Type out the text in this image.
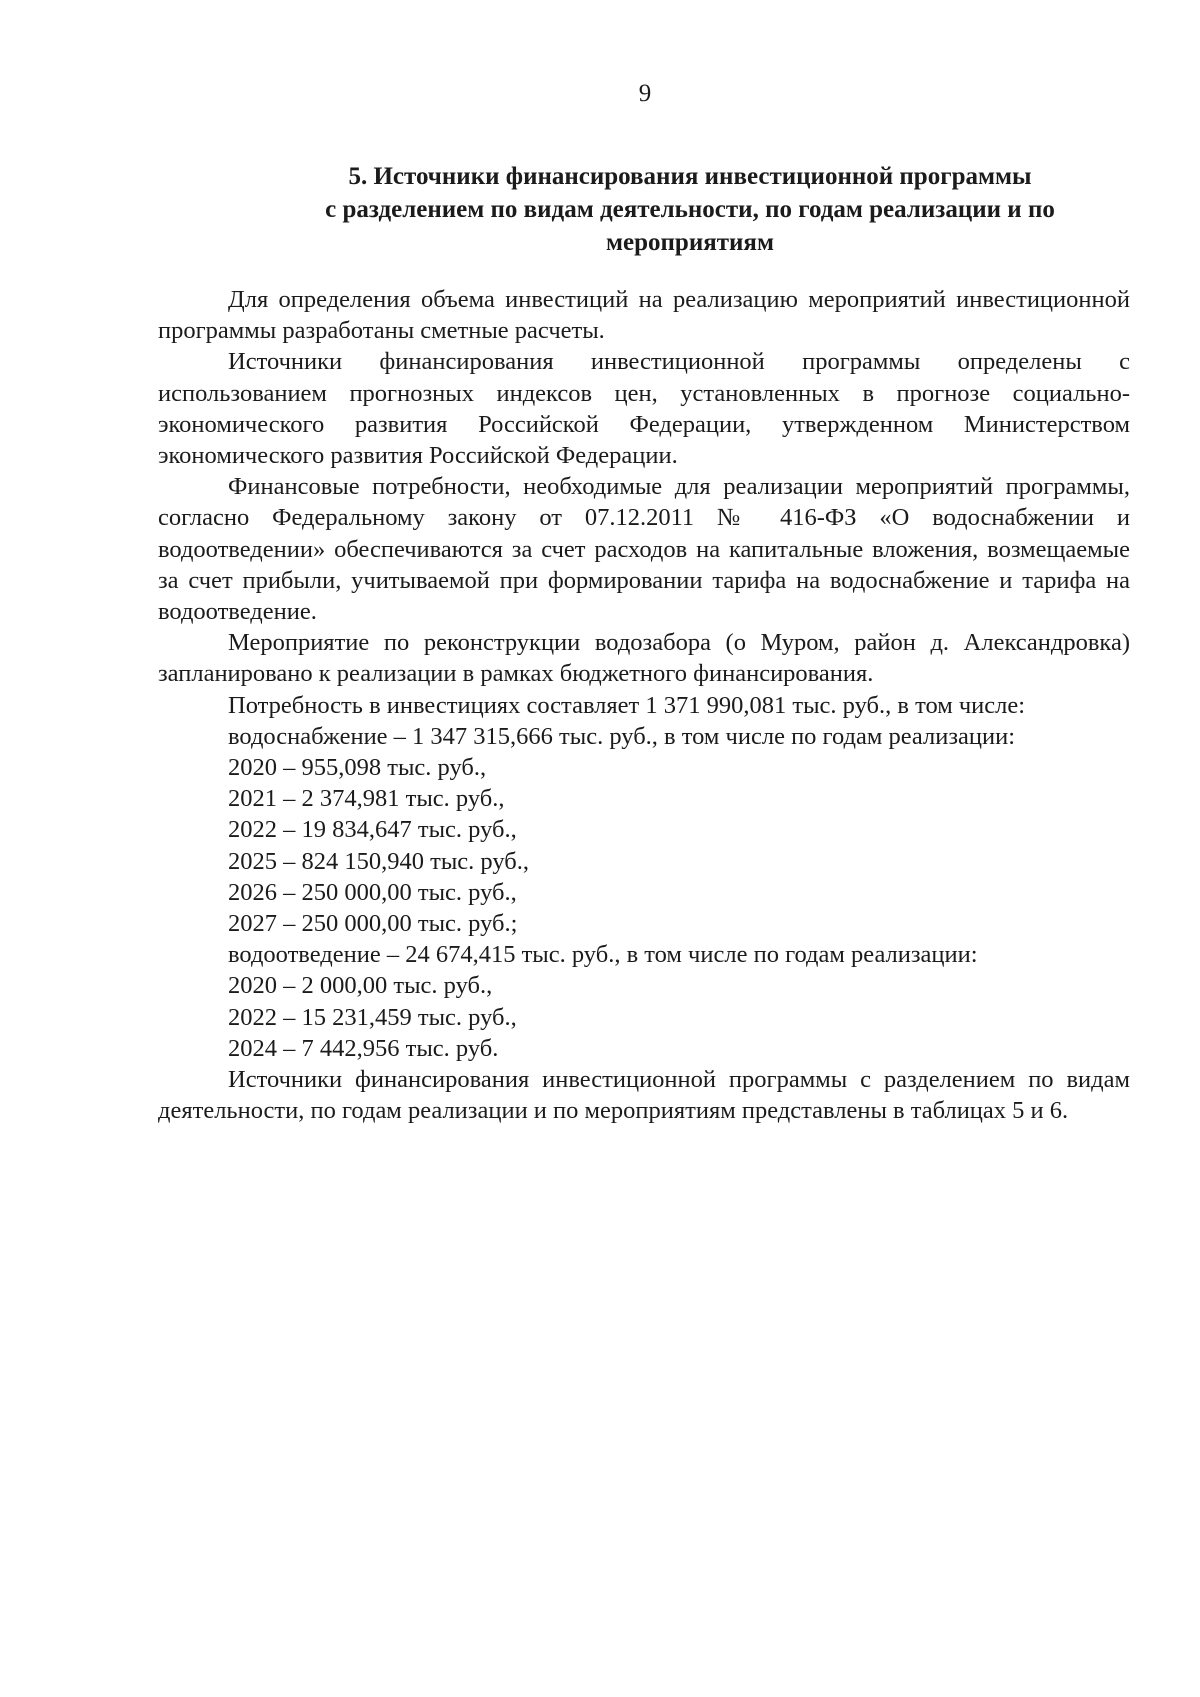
9
5. Источники финансирования инвестиционной программы
с разделением по видам деятельности, по годам реализации и по
мероприятиям

Для определения объема инвестиций на реализацию мероприятий инвестиционной программы разработаны сметные расчеты.

Источники финансирования инвестиционной программы определены с использованием прогнозных индексов цен, установленных в прогнозе социально-экономического развития Российской Федерации, утвержденном Министерством экономического развития Российской Федерации.

Финансовые потребности, необходимые для реализации мероприятий программы, согласно Федеральному закону от 07.12.2011 № 416-ФЗ «О водоснабжении и водоотведении» обеспечиваются за счет расходов на капитальные вложения, возмещаемые за счет прибыли, учитываемой при формировании тарифа на водоснабжение и тарифа на водоотведение.

Мероприятие по реконструкции водозабора (о Муром, район д. Александровка) запланировано к реализации в рамках бюджетного финансирования.

Потребность в инвестициях составляет 1 371 990,081 тыс. руб., в том числе:

водоснабжение – 1 347 315,666 тыс. руб., в том числе по годам реализации:

2020 – 955,098 тыс. руб.,
2021 – 2 374,981 тыс. руб.,
2022 – 19 834,647 тыс. руб.,
2025 – 824 150,940 тыс. руб.,
2026 – 250 000,00 тыс. руб.,
2027 – 250 000,00 тыс. руб.;
водоотведение – 24 674,415 тыс. руб., в том числе по годам реализации:
2020 – 2 000,00 тыс. руб.,
2022 – 15 231,459 тыс. руб.,
2024 – 7 442,956 тыс. руб.

Источники финансирования инвестиционной программы с разделением по видам деятельности, по годам реализации и по мероприятиям представлены в таблицах 5 и 6.
